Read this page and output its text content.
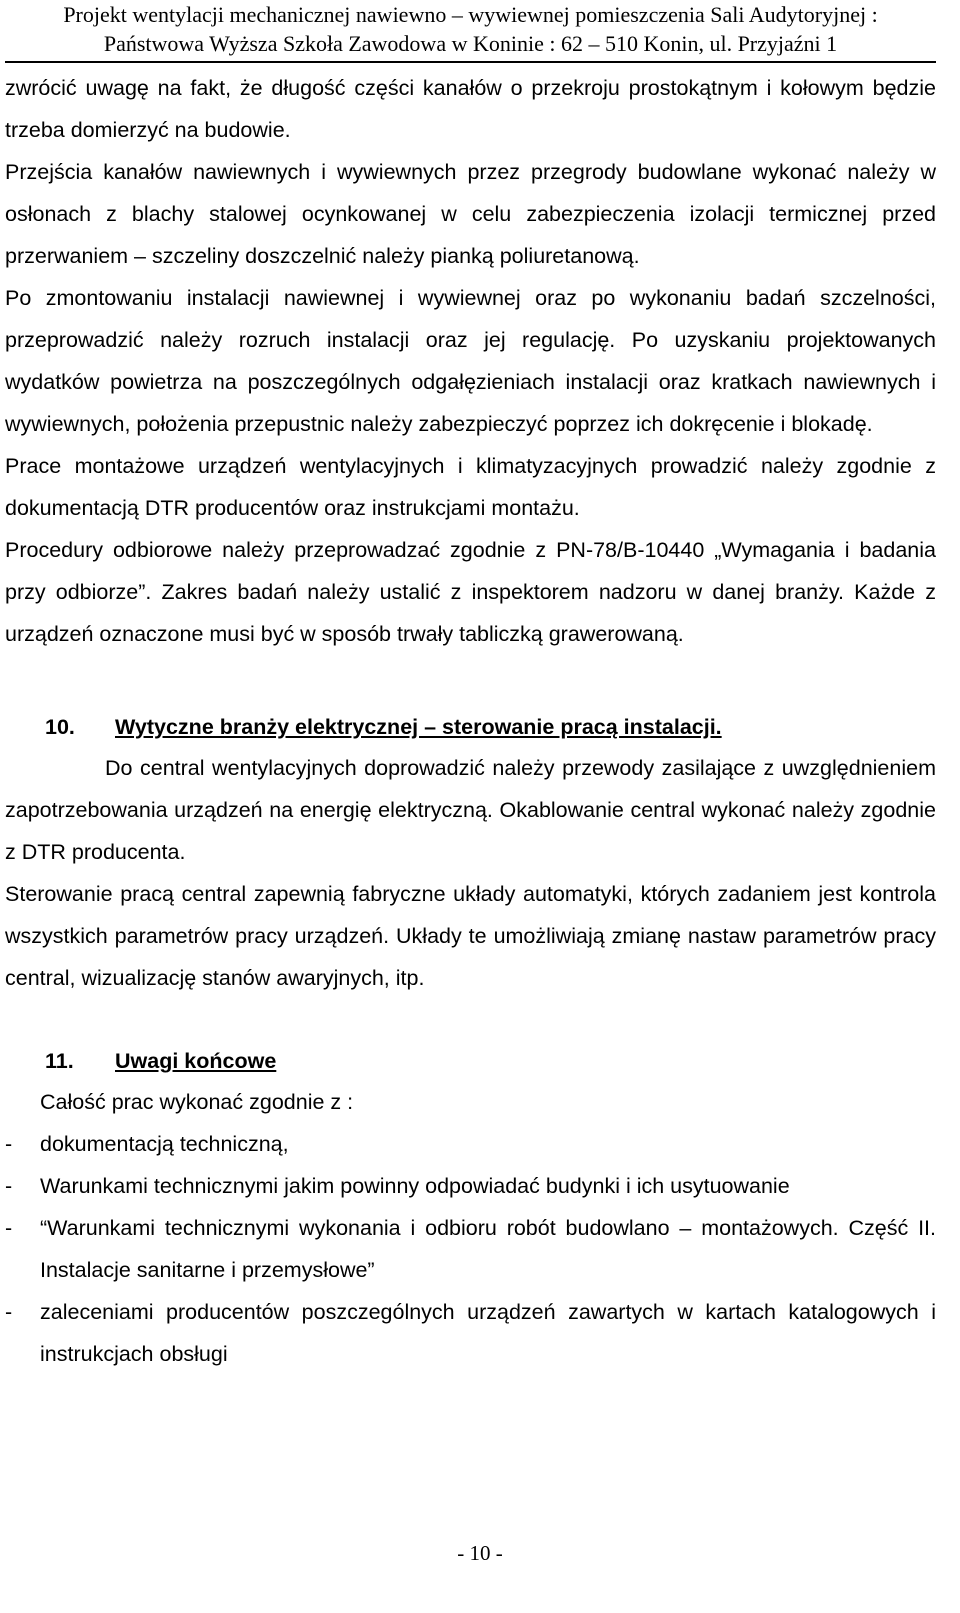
Projekt wentylacji mechanicznej nawiewno – wywiewnej pomieszczenia Sali Audytoryjnej :
Państwowa Wyższa Szkoła Zawodowa w Koninie : 62 – 510 Konin, ul. Przyjaźni 1

zwrócić uwagę na fakt, że długość części kanałów o przekroju prostokątnym i kołowym będzie trzeba domierzyć na budowie.

Przejścia kanałów nawiewnych i wywiewnych przez przegrody budowlane wykonać należy w osłonach z blachy stalowej ocynkowanej w celu zabezpieczenia izolacji termicznej przed przerwaniem – szczeliny doszczelnić należy pianką poliuretanową.

Po zmontowaniu instalacji nawiewnej i wywiewnej oraz po wykonaniu badań szczelności, przeprowadzić należy rozruch instalacji oraz jej regulację. Po uzyskaniu projektowanych wydatków powietrza na poszczególnych odgałęzieniach instalacji oraz kratkach nawiewnych i wywiewnych, położenia przepustnic należy zabezpieczyć poprzez ich dokręcenie i blokadę.

Prace montażowe urządzeń wentylacyjnych i klimatyzacyjnych prowadzić należy zgodnie z dokumentacją DTR producentów oraz instrukcjami montażu.

Procedury odbiorowe należy przeprowadzać zgodnie z PN-78/B-10440 „Wymagania i badania przy odbiorze”. Zakres badań należy ustalić z inspektorem nadzoru w danej branży. Każde z urządzeń oznaczone musi być w sposób trwały tabliczką grawerowaną.

10.	Wytyczne branży elektrycznej – sterowanie pracą instalacji.

Do central wentylacyjnych doprowadzić należy przewody zasilające z uwzględnieniem zapotrzebowania urządzeń na energię elektryczną. Okablowanie central wykonać należy zgodnie z DTR producenta.

Sterowanie pracą central zapewnią fabryczne układy automatyki, których zadaniem jest kontrola wszystkich parametrów pracy urządzeń. Układy te umożliwiają zmianę nastaw parametrów pracy central, wizualizację stanów awaryjnych, itp.

11.	Uwagi końcowe

Całość prac wykonać zgodnie z :

-	dokumentacją techniczną,
-	Warunkami technicznymi jakim powinny odpowiadać budynki i ich usytuowanie
-	“Warunkami technicznymi wykonania i odbioru robót budowlano – montażowych. Część II. Instalacje sanitarne i przemysłowe”
-	zaleceniami producentów poszczególnych urządzeń zawartych w kartach katalogowych i instrukcjach obsługi
- 10 -
